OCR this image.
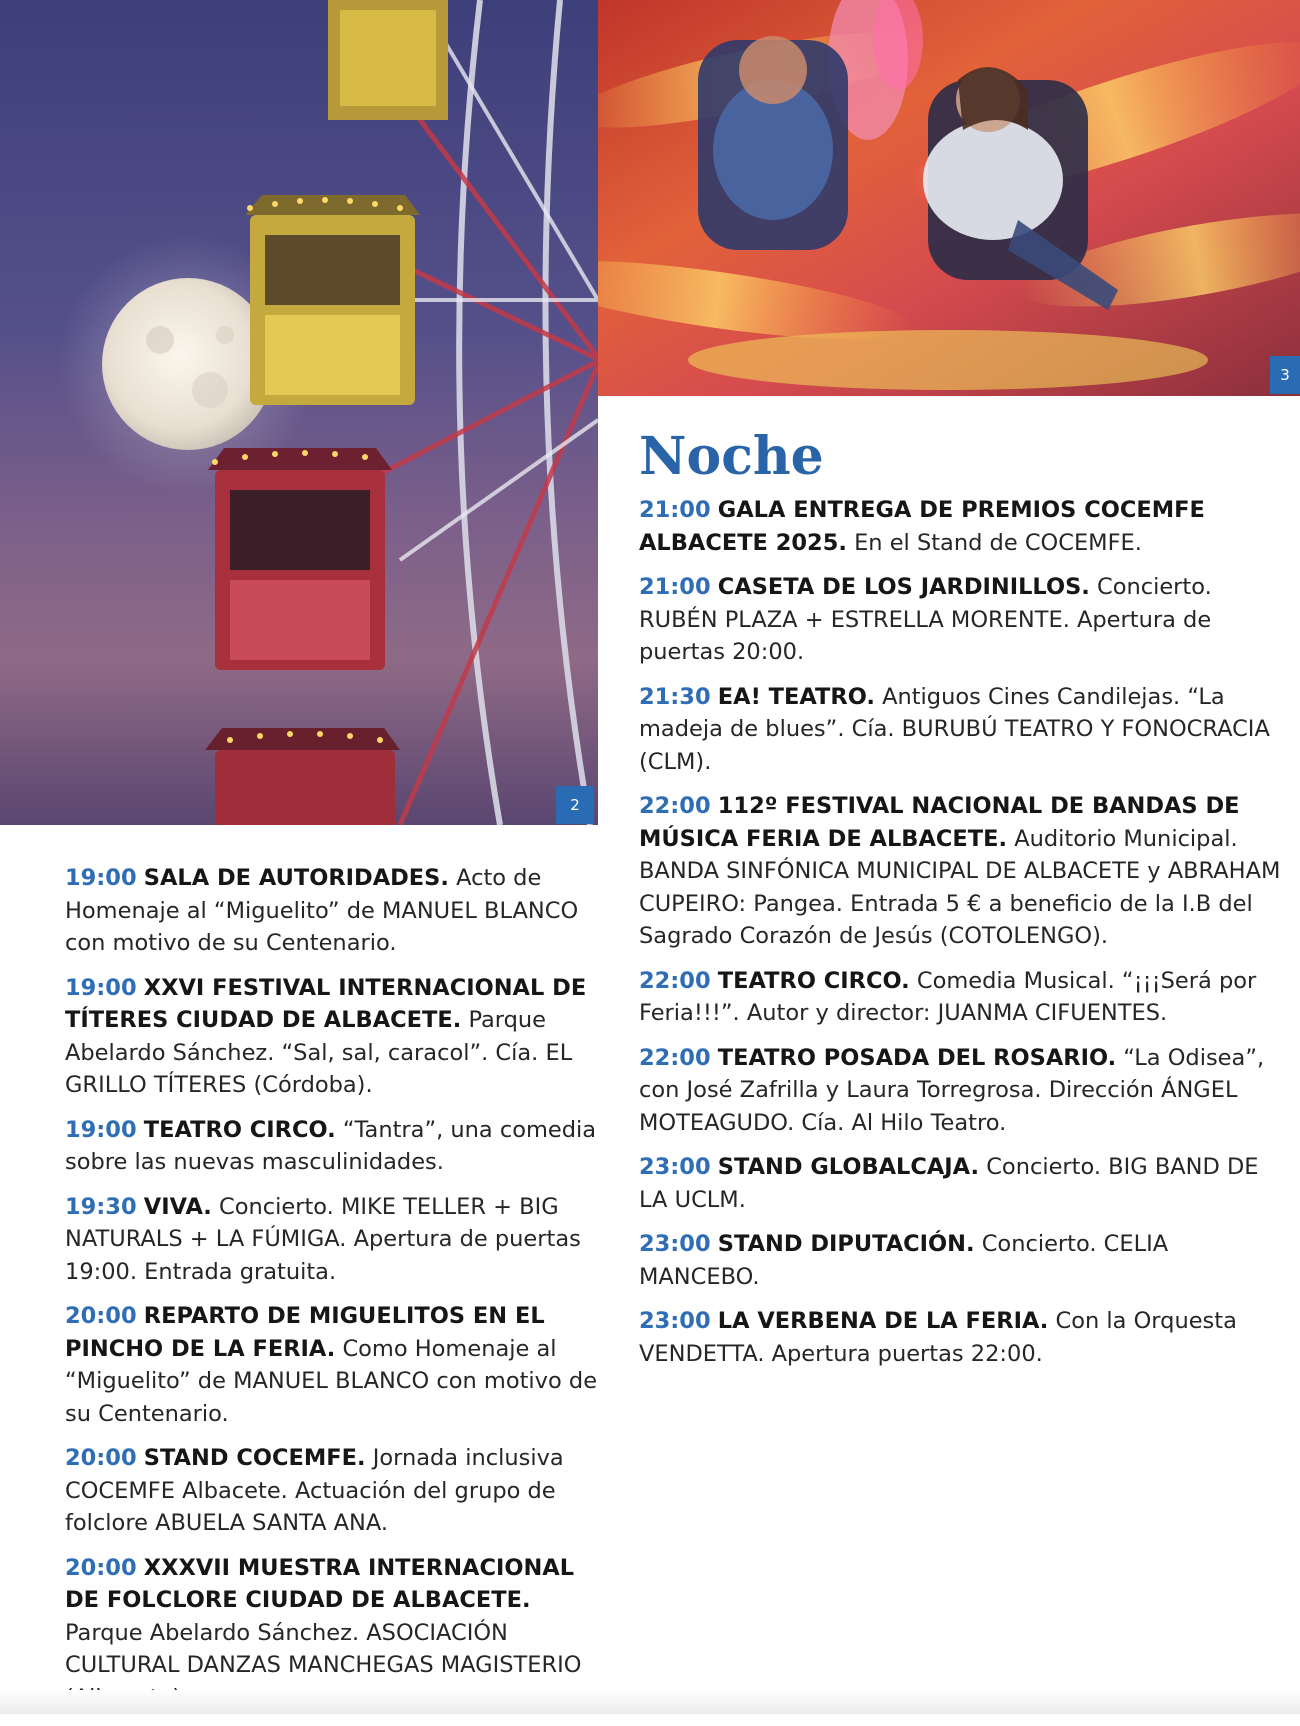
2
3

19:00 SALA DE AUTORIDADES. Acto de Homenaje al “Miguelito” de MANUEL BLANCO con motivo de su Centenario.

19:00 XXVI FESTIVAL INTERNACIONAL DE TÍTERES CIUDAD DE ALBACETE. Parque Abelardo Sánchez. “Sal, sal, caracol”. Cía. EL GRILLO TÍTERES (Córdoba).

19:00 TEATRO CIRCO. “Tantra”, una comedia sobre las nuevas masculinidades.

19:30 VIVA. Concierto. MIKE TELLER + BIG NATURALS + LA FÚMIGA. Apertura de puertas 19:00. Entrada gratuita.

20:00 REPARTO DE MIGUELITOS EN EL PINCHO DE LA FERIA. Como Homenaje al “Miguelito” de MANUEL BLANCO con motivo de su Centenario.

20:00 STAND COCEMFE. Jornada inclusiva COCEMFE Albacete. Actuación del grupo de folclore ABUELA SANTA ANA.

20:00 XXXVII MUESTRA INTERNACIONAL DE FOLCLORE CIUDAD DE ALBACETE. Parque Abelardo Sánchez. ASOCIACIÓN CULTURAL DANZAS MANCHEGAS MAGISTERIO

Noche

21:00 GALA ENTREGA DE PREMIOS COCEMFE ALBACETE 2025. En el Stand de COCEMFE.

21:00 CASETA DE LOS JARDINILLOS. Concierto. RUBÉN PLAZA + ESTRELLA MORENTE. Apertura de puertas 20:00.

21:30 EA! TEATRO. Antiguos Cines Candilejas. “La madeja de blues”. Cía. BURUBÚ TEATRO Y FONOCRACIA (CLM).

22:00 112º FESTIVAL NACIONAL DE BANDAS DE MÚSICA FERIA DE ALBACETE. Auditorio Municipal. BANDA SINFÓNICA MUNICIPAL DE ALBACETE y ABRAHAM CUPEIRO: Pangea. Entrada 5 € a beneficio de la I.B del Sagrado Corazón de Jesús (COTOLENGO).

22:00 TEATRO CIRCO. Comedia Musical. “¡¡¡Será por Feria!!!”. Autor y director: JUANMA CIFUENTES.

22:00 TEATRO POSADA DEL ROSARIO. “La Odisea”, con José Zafrilla y Laura Torregrosa. Dirección ÁNGEL MOTEAGUDO. Cía. Al Hilo Teatro.

23:00 STAND GLOBALCAJA. Concierto. BIG BAND DE LA UCLM.

23:00 STAND DIPUTACIÓN. Concierto. CELIA MANCEBO.

23:00 LA VERBENA DE LA FERIA. Con la Orquesta VENDETTA. Apertura puertas 22:00.
